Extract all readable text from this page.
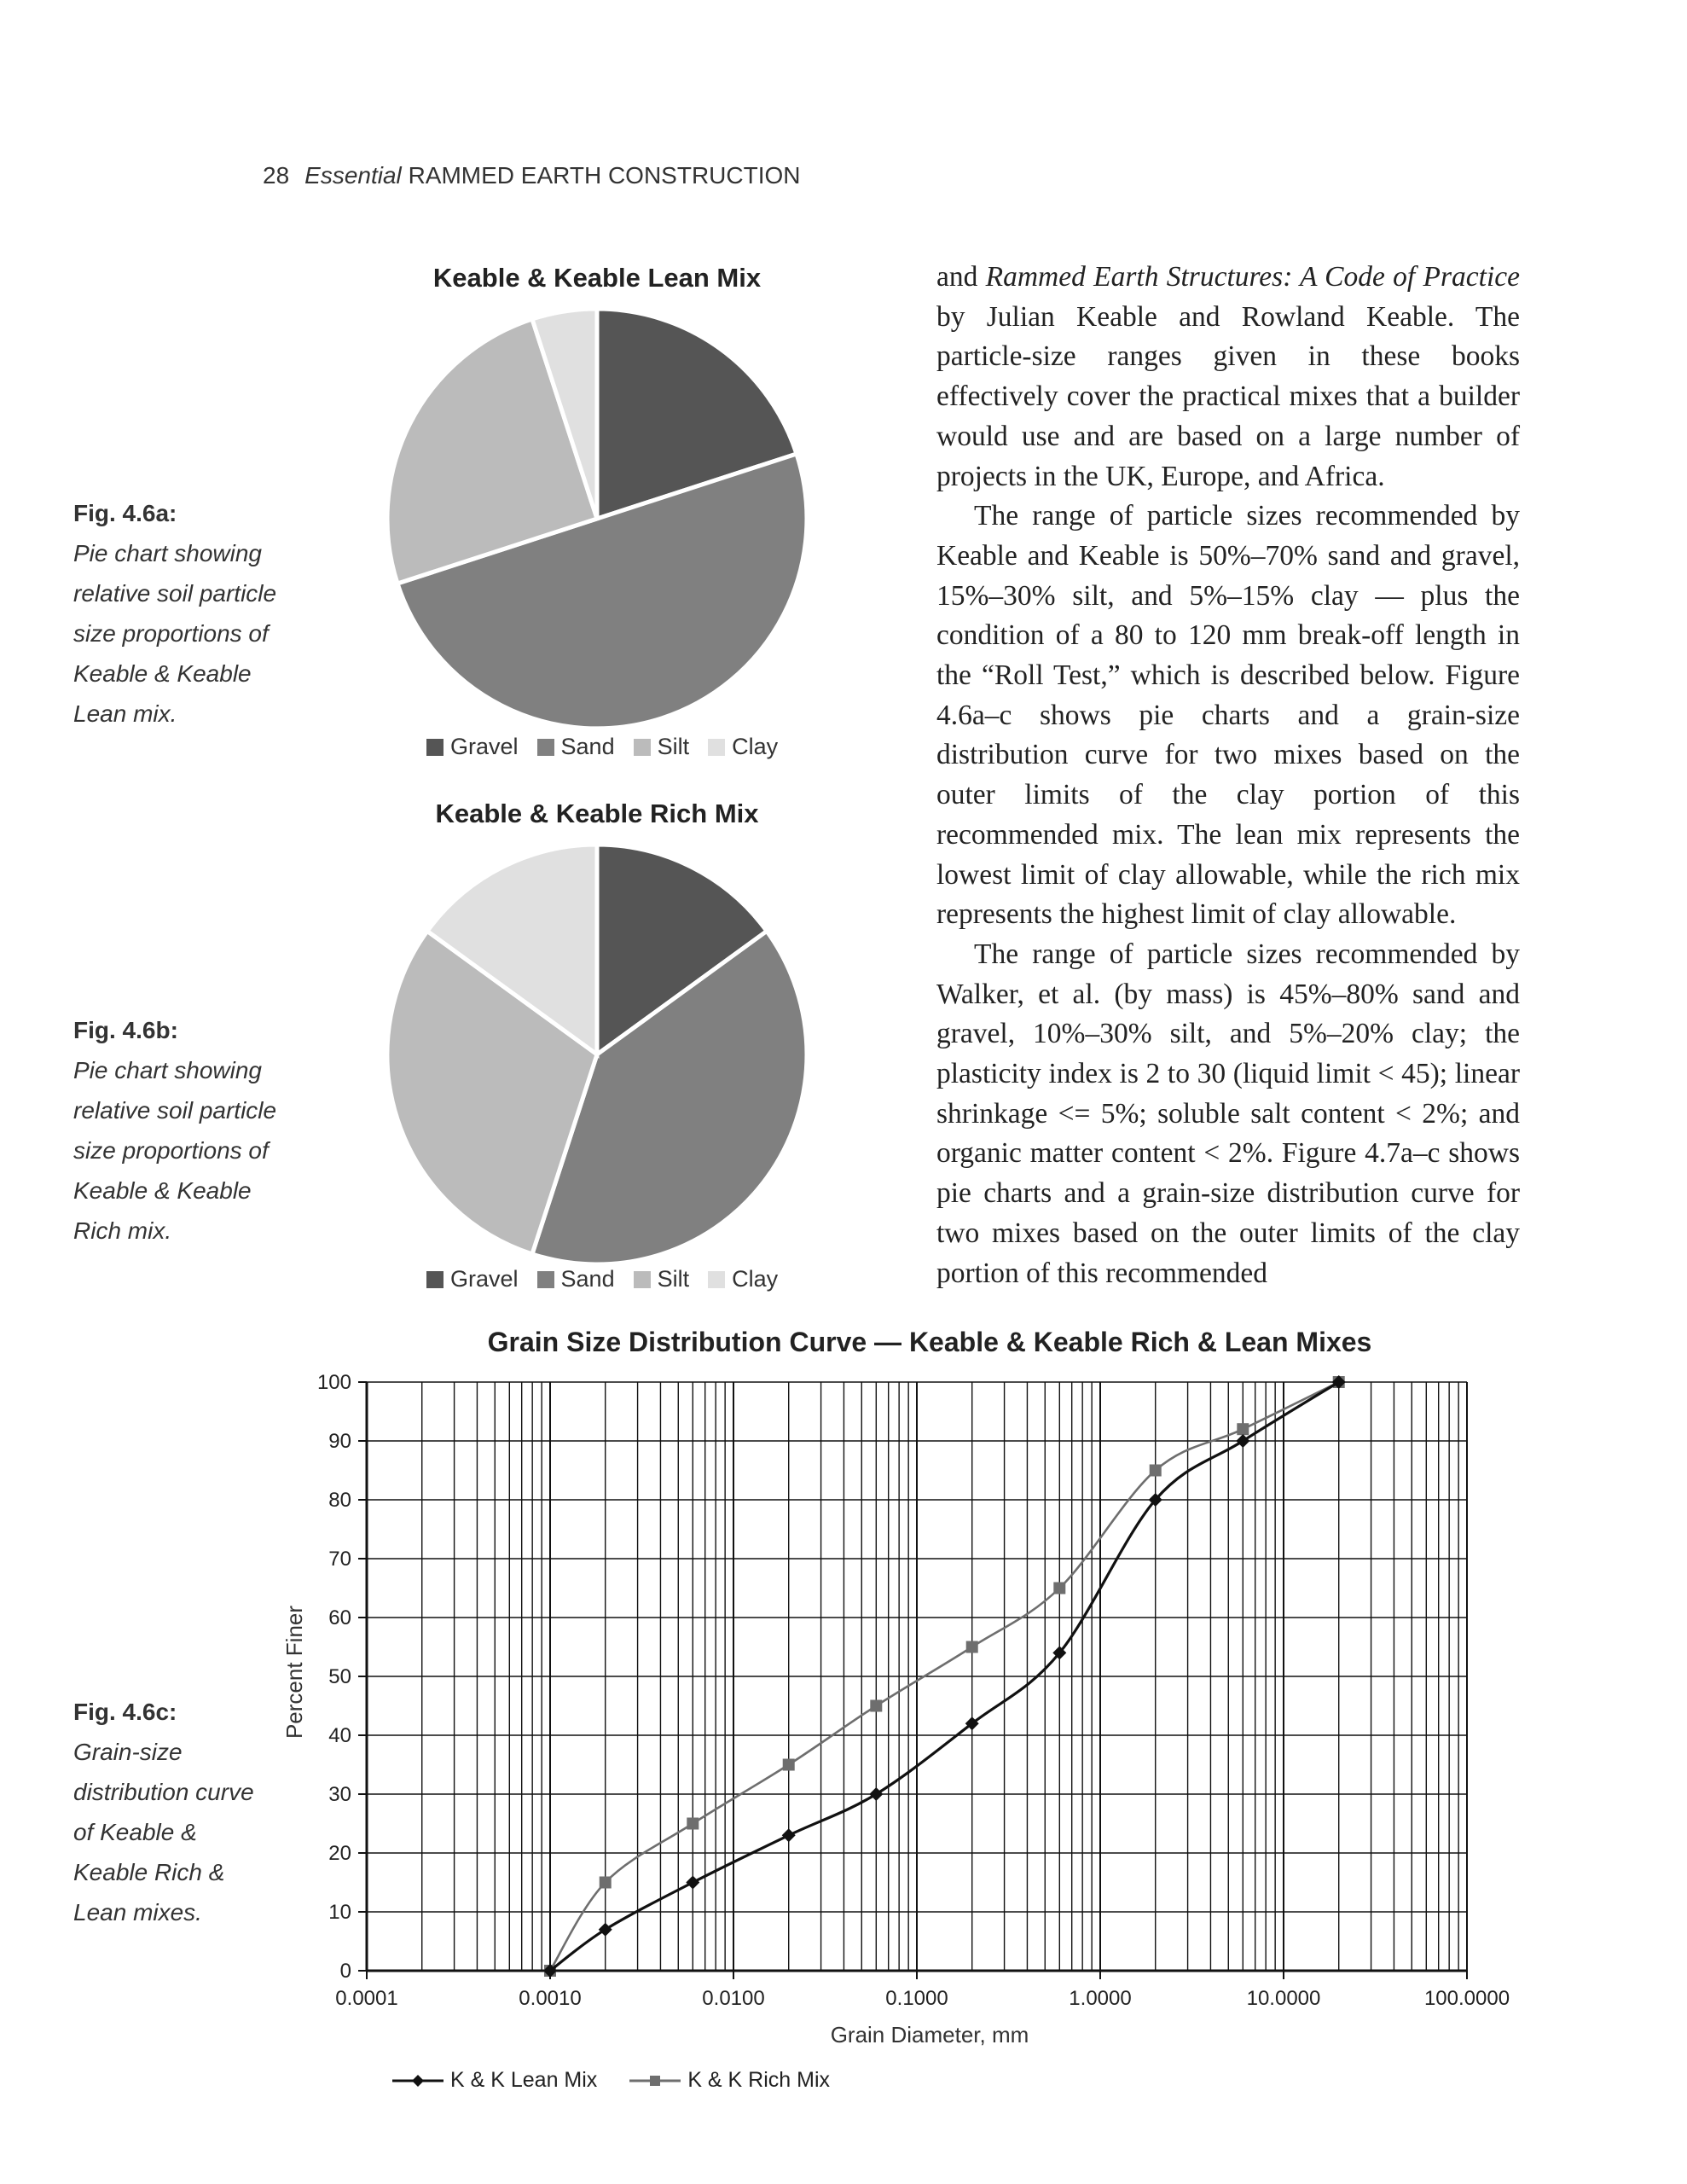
28 Essential RAMMED EARTH CONSTRUCTION
Fig. 4.6a:
Pie chart showing relative soil particle size proportions of Keable & Keable Lean mix.
Fig. 4.6b:
Pie chart showing relative soil particle size proportions of Keable & Keable Rich mix.
Fig. 4.6c:
Grain-size distribution curve of Keable & Keable Rich & Lean mixes.
Keable & Keable Lean Mix
Gravel Sand Silt Clay
Keable & Keable Rich Mix
Gravel Sand Silt Clay

and Rammed Earth Structures: A Code of Practice by Julian Keable and Rowland Keable. The particle-size ranges given in these books effectively cover the practical mixes that a builder would use and are based on a large number of projects in the UK, Europe, and Africa.

The range of particle sizes recommended by Keable and Keable is 50%–70% sand and gravel, 15%–30% silt, and 5%–15% clay — plus the condition of a 80 to 120 mm break-off length in the “Roll Test,” which is described below. Figure 4.6a–c shows pie charts and a grain-size distribution curve for two mixes based on the outer limits of the clay portion of this recommended mix. The lean mix represents the lowest limit of clay allowable, while the rich mix represents the highest limit of clay allowable.

The range of particle sizes recommended by Walker, et al. (by mass) is 45%–80% sand and gravel, 10%–30% silt, and 5%–20% clay; the plasticity index is 2 to 30 (liquid limit < 45); linear shrinkage <= 5%; soluble salt content < 2%; and organic matter content < 2%. Figure 4.7a–c shows pie charts and a grain-size distribution curve for two mixes based on the outer limits of the clay portion of this recommended

Grain Size Distribution Curve — Keable & Keable Rich & Lean Mixes
Percent Finer
Grain Diameter, mm
0
10
20
30
40
50
60
70
80
90
100
0.0001	0.0010	0.0100	0.1000	1.0000	10.0000	100.0000
K & K Lean Mix	K & K Rich Mix
